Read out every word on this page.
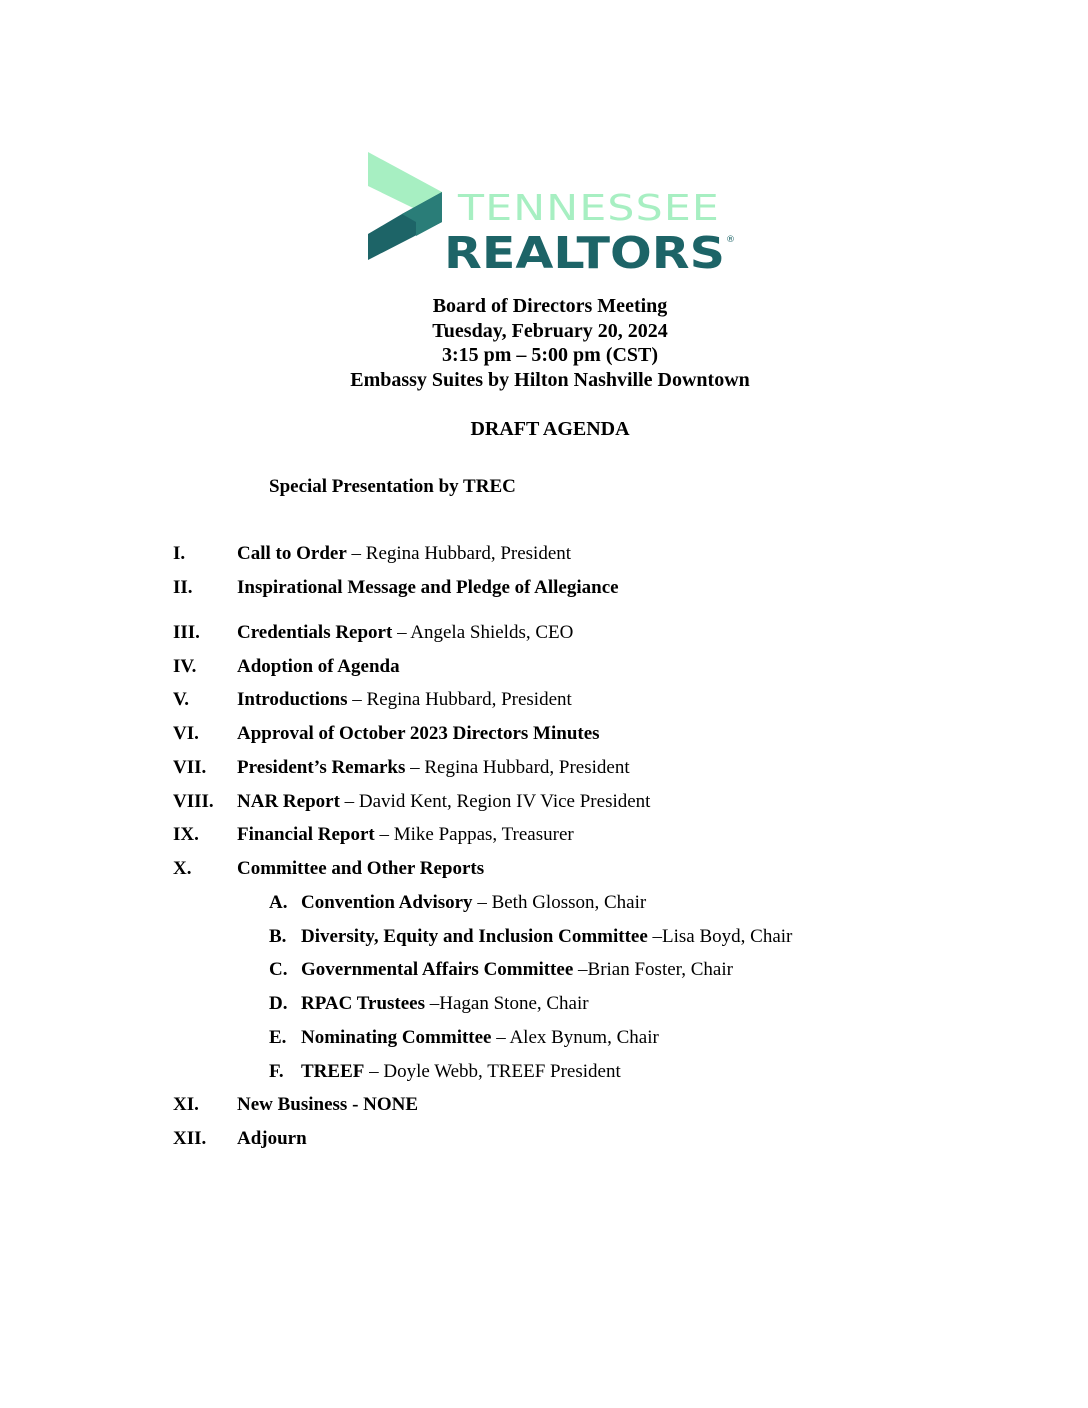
TENNESSEE
REALTORS ®
Board of Directors Meeting
Tuesday, February 20, 2024
3:15 pm – 5:00 pm (CST)
Embassy Suites by Hilton Nashville Downtown
DRAFT AGENDA
Special Presentation by TREC
I.	Call to Order – Regina Hubbard, President
II. Inspirational Message and Pledge of Allegiance
III. Credentials Report – Angela Shields, CEO
IV. Adoption of Agenda
V.	Introductions – Regina Hubbard, President
VI. Approval of October 2023 Directors Minutes
VII. President’s Remarks – Regina Hubbard, President
VIII. NAR Report – David Kent, Region IV Vice President
IX. Financial Report – Mike Pappas, Treasurer
X. Committee and Other Reports
A. Convention Advisory – Beth Glosson, Chair
B. Diversity, Equity and Inclusion Committee –Lisa Boyd, Chair
C. Governmental Affairs Committee –Brian Foster, Chair
D. RPAC Trustees –Hagan Stone, Chair
E. Nominating Committee – Alex Bynum, Chair
F. TREEF – Doyle Webb, TREEF President
XI. New Business - NONE
XII. Adjourn
